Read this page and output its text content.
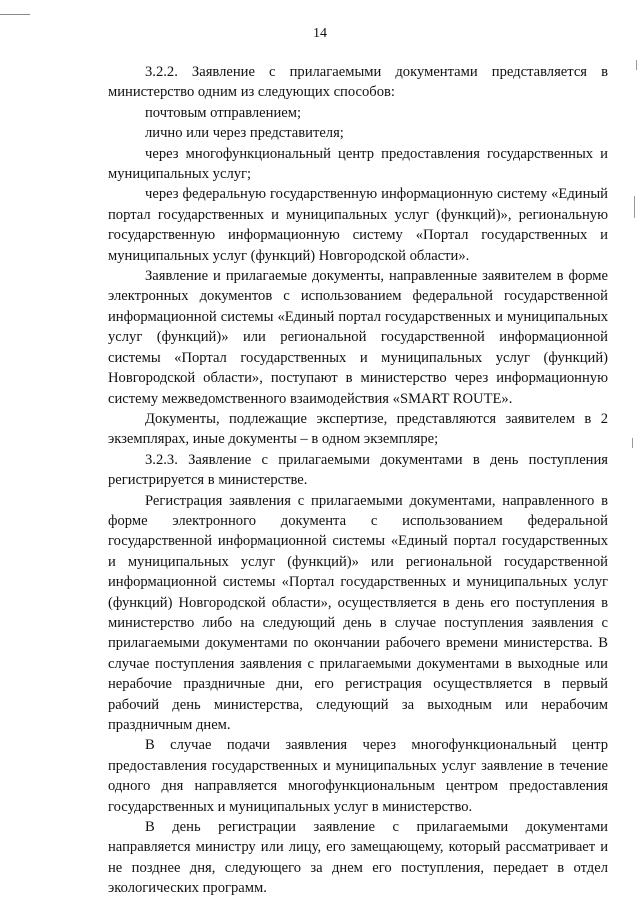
14

3.2.2. Заявление с прилагаемыми документами представляется в министерство одним из следующих способов:

почтовым отправлением;

лично или через представителя;

через многофункциональный центр предоставления государственных и муниципальных услуг;

через федеральную государственную информационную систему «Единый портал государственных и муниципальных услуг (функций)», региональную государственную информационную систему «Портал государственных и муниципальных услуг (функций) Новгородской области».

Заявление и прилагаемые документы, направленные заявителем в форме электронных документов с использованием федеральной государственной информационной системы «Единый портал государственных и муниципальных услуг (функций)» или региональной государственной информационной системы «Портал государственных и муниципальных услуг (функций) Новгородской области», поступают в министерство через информационную систему межведомственного взаимодействия «SMART ROUTE».

Документы, подлежащие экспертизе, представляются заявителем в 2 экземплярах, иные документы – в одном экземпляре;

3.2.3. Заявление с прилагаемыми документами в день поступления регистрируется в министерстве.

Регистрация заявления с прилагаемыми документами, направленного в форме электронного документа с использованием федеральной государственной информационной системы «Единый портал государственных и муниципальных услуг (функций)» или региональной государственной информационной системы «Портал государственных и муниципальных услуг (функций) Новгородской области», осуществляется в день его поступления в министерство либо на следующий день в случае поступления заявления с прилагаемыми документами по окончании рабочего времени министерства. В случае поступления заявления с прилагаемыми документами в выходные или нерабочие праздничные дни, его регистрация осуществляется в первый рабочий день министерства, следующий за выходным или нерабочим праздничным днем.

В случае подачи заявления через многофункциональный центр предоставления государственных и муниципальных услуг заявление в течение одного дня направляется многофункциональным центром предоставления государственных и муниципальных услуг в министерство.

В день регистрации заявление с прилагаемыми документами направляется министру или лицу, его замещающему, который рассматривает и не позднее дня, следующего за днем его поступления, передает в отдел экологических программ.
